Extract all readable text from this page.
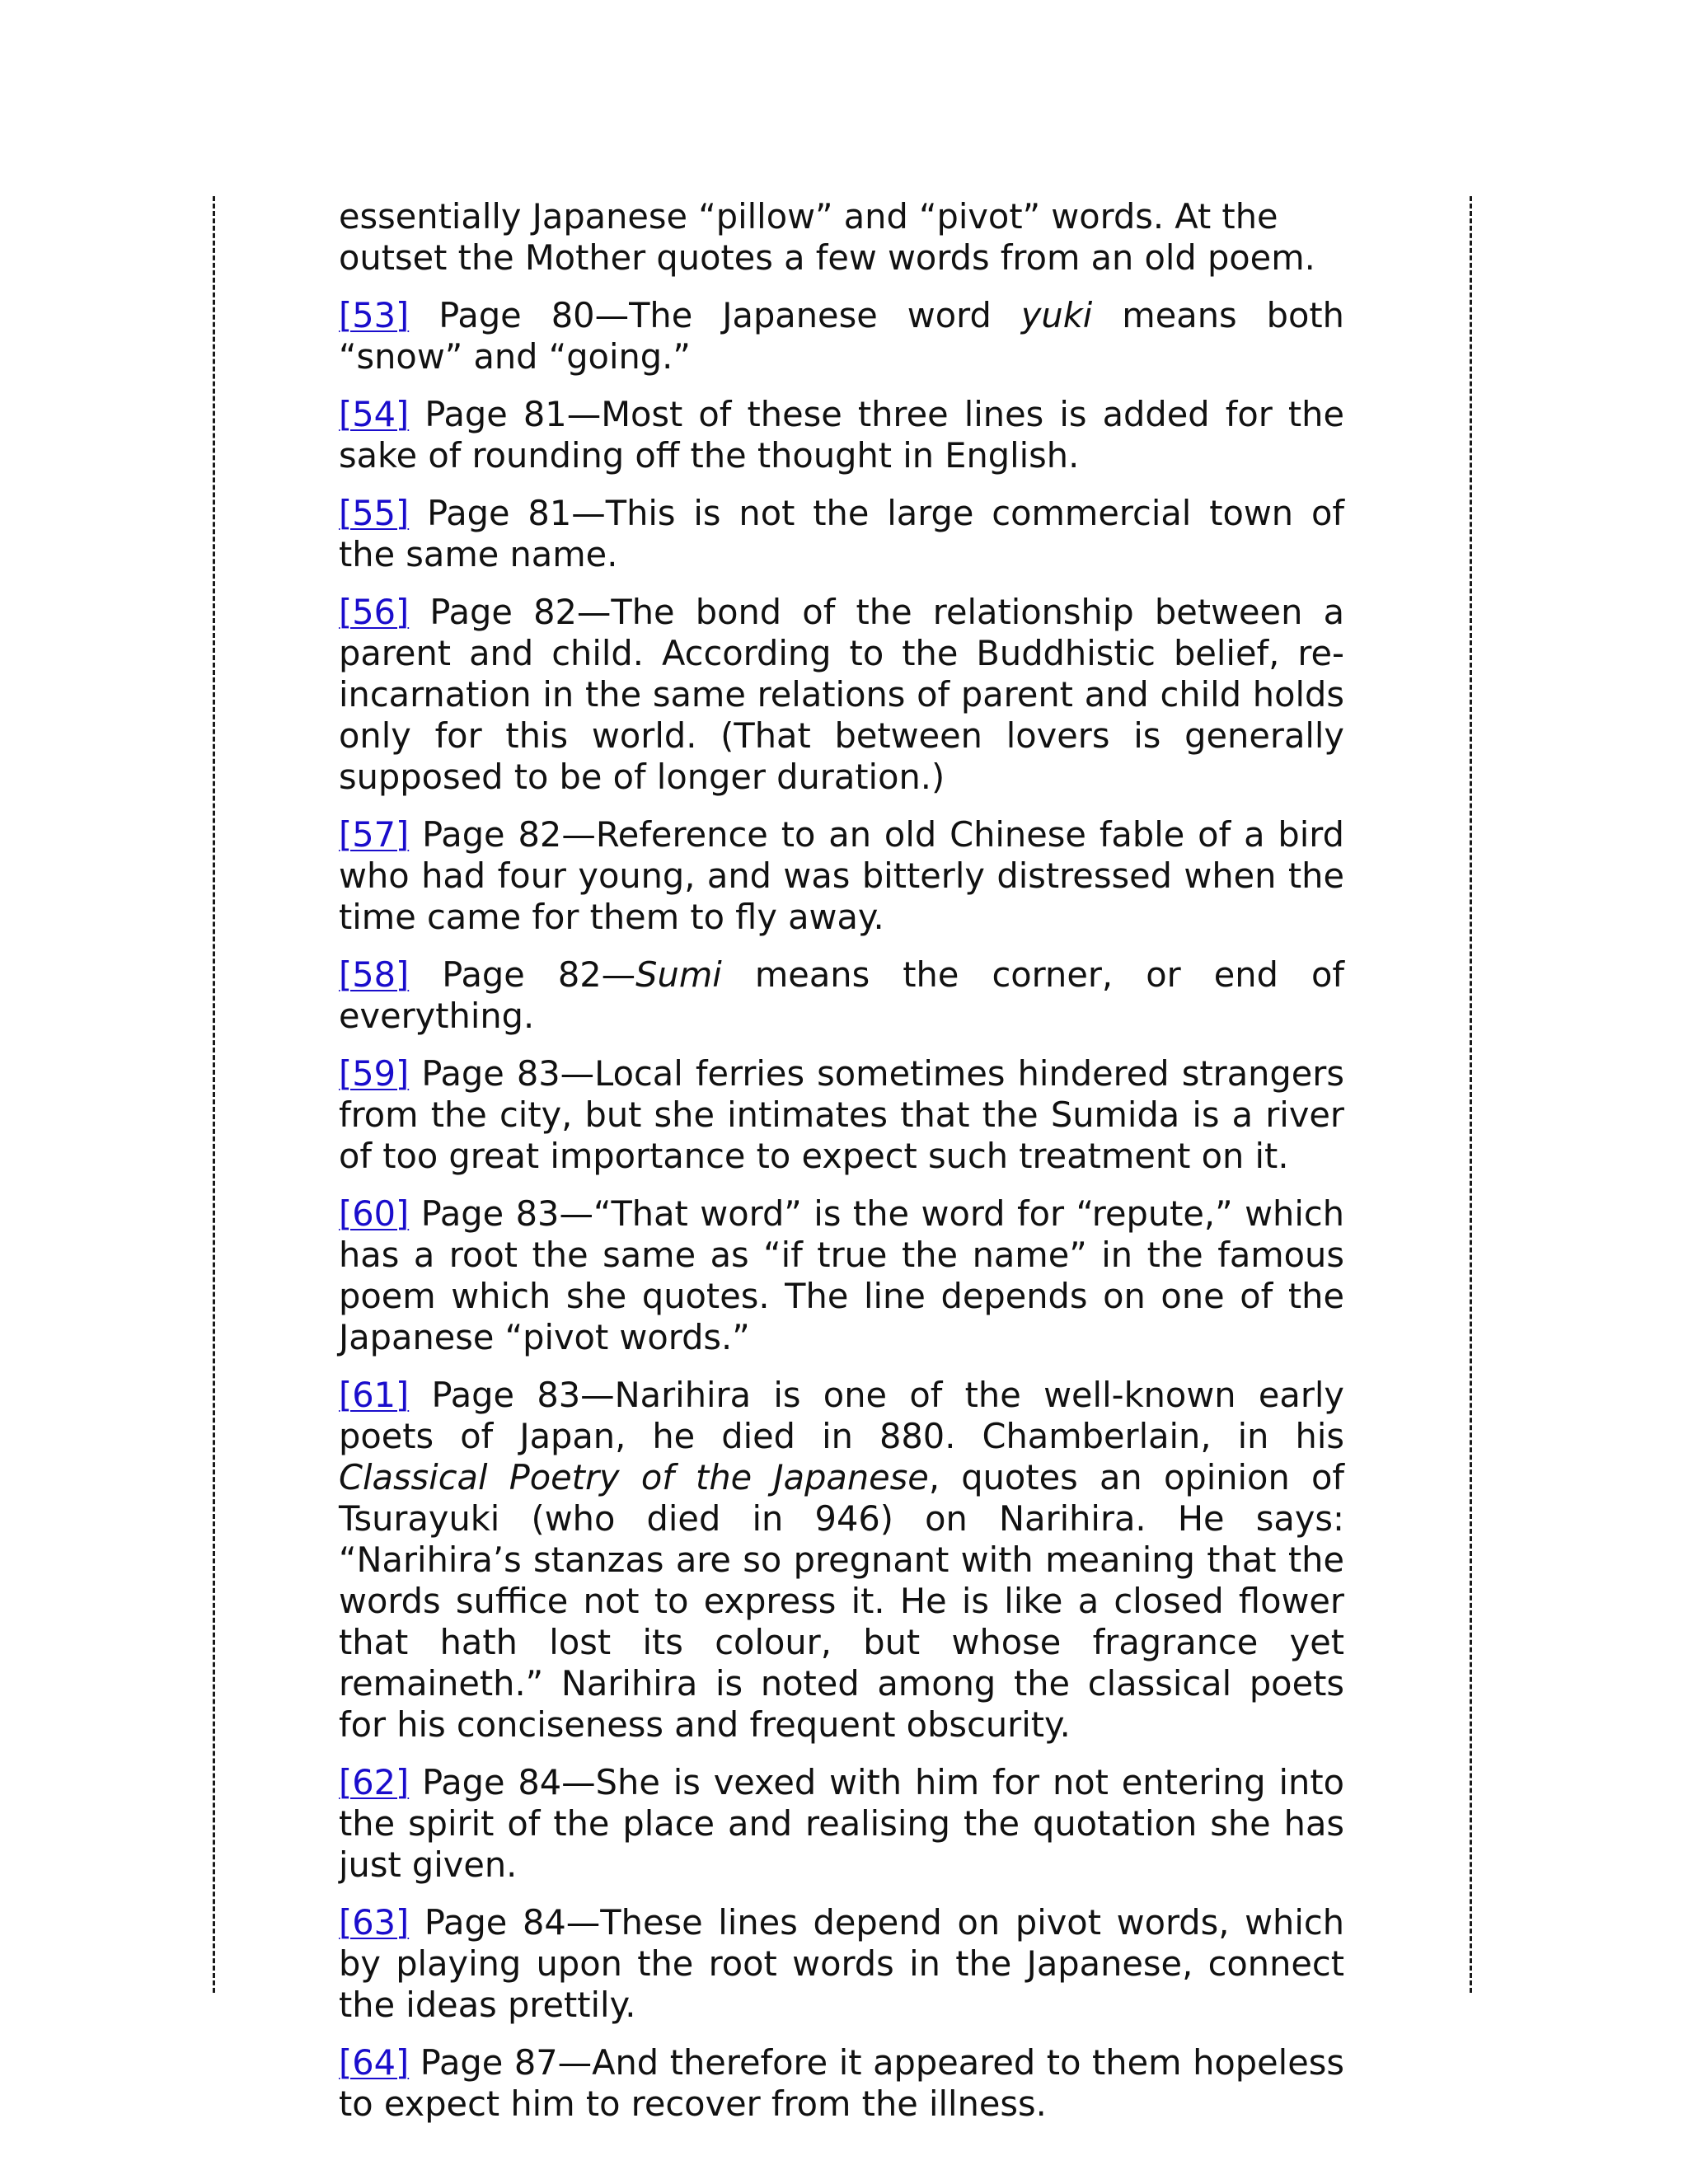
essentially Japanese “pillow” and “pivot” words. At the outset the Mother quotes a few words from an old poem.

[53] Page 80—The Japanese word yuki means both “snow” and “going.”

[54] Page 81—Most of these three lines is added for the sake of rounding off the thought in English.

[55] Page 81—This is not the large commercial town of the same name.

[56] Page 82—The bond of the relationship between a parent and child. According to the Buddhistic belief, re-incarnation in the same relations of parent and child holds only for this world. (That between lovers is generally supposed to be of longer duration.)

[57] Page 82—Reference to an old Chinese fable of a bird who had four young, and was bitterly distressed when the time came for them to fly away.

[58] Page 82—Sumi means the corner, or end of everything.

[59] Page 83—Local ferries sometimes hindered strangers from the city, but she intimates that the Sumida is a river of too great importance to expect such treatment on it.

[60] Page 83—“That word” is the word for “repute,” which has a root the same as “if true the name” in the famous poem which she quotes. The line depends on one of the Japanese “pivot words.”

[61] Page 83—Narihira is one of the well-known early poets of Japan, he died in 880. Chamberlain, in his Classical Poetry of the Japanese, quotes an opinion of Tsurayuki (who died in 946) on Narihira. He says: “Narihira’s stanzas are so pregnant with meaning that the words suffice not to express it. He is like a closed flower that hath lost its colour, but whose fragrance yet remaineth.” Narihira is noted among the classical poets for his conciseness and frequent obscurity.

[62] Page 84—She is vexed with him for not entering into the spirit of the place and realising the quotation she has just given.

[63] Page 84—These lines depend on pivot words, which by playing upon the root words in the Japanese, connect the ideas prettily.

[64] Page 87—And therefore it appeared to them hopeless to expect him to recover from the illness.
